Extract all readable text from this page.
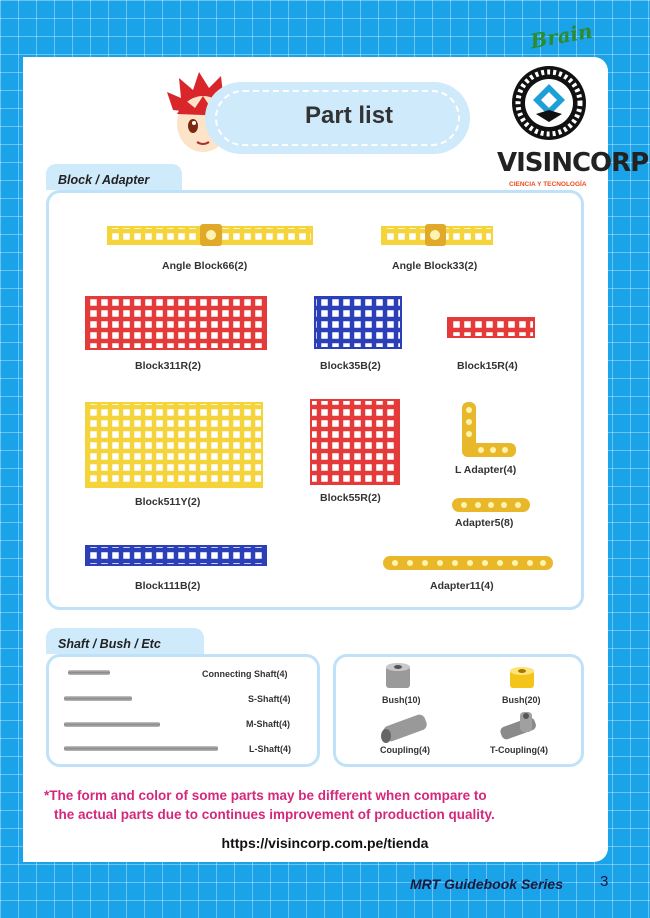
Brain
Part list
VISINCORP
CIENCIA Y TECNOLOGÍA
Block / Adapter
Angle Block66(2)	Angle Block33(2)
Block311R(2)	Block35B(2)	Block15R(4)
L Adapter(4)
Block55R(2)
Block511Y(2)
Adapter5(8)
Block111B(2)	Adapter11(4)
Shaft / Bush / Etc
Connecting Shaft(4)
S-Shaft(4)
M-Shaft(4)
L-Shaft(4)
Bush(10)	Bush(20)
Coupling(4)	T-Coupling(4)
*The form and color of some parts may be different when compare to
the actual parts due to continues improvement of production quality.
https://visincorp.com.pe/tienda
MRT Guidebook Series 3
